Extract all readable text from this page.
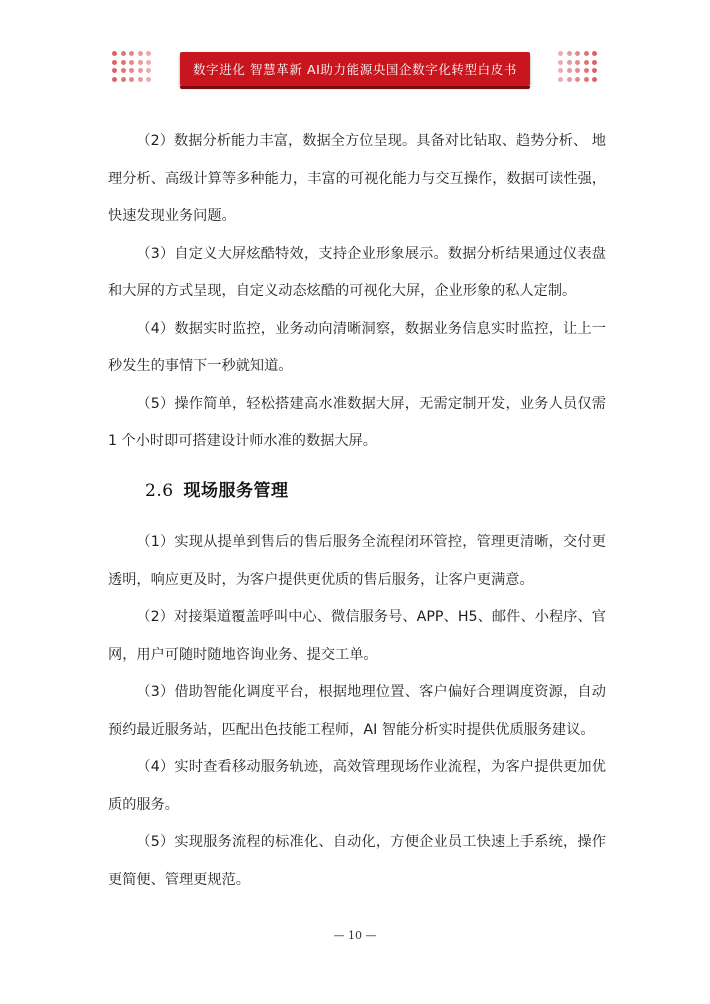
数字进化 智慧革新 AI助力能源央国企数字化转型白皮书

（2）数据分析能力丰富，数据全方位呈现。具备对比钻取、趋势分析、 地理分析、高级计算等多种能力，丰富的可视化能力与交互操作，数据可读性强，快速发现业务问题。

（3）自定义大屏炫酷特效，支持企业形象展示。数据分析结果通过仪表盘和大屏的方式呈现，自定义动态炫酷的可视化大屏，企业形象的私人定制。

（4）数据实时监控，业务动向清晰洞察，数据业务信息实时监控，让上一秒发生的事情下一秒就知道。

（5）操作简单，轻松搭建高水准数据大屏，无需定制开发，业务人员仅需1 个小时即可搭建设计师水准的数据大屏。

2.6 现场服务管理

（1）实现从提单到售后的售后服务全流程闭环管控，管理更清晰，交付更透明，响应更及时，为客户提供更优质的售后服务，让客户更满意。

（2）对接渠道覆盖呼叫中心、微信服务号、APP、H5、邮件、小程序、官网，用户可随时随地咨询业务、提交工单。

（3）借助智能化调度平台，根据地理位置、客户偏好合理调度资源，自动预约最近服务站，匹配出色技能工程师，AI 智能分析实时提供优质服务建议。

（4）实时查看移动服务轨迹，高效管理现场作业流程，为客户提供更加优质的服务。

（5）实现服务流程的标准化、自动化，方便企业员工快速上手系统，操作更简便、管理更规范。

— 10 —
